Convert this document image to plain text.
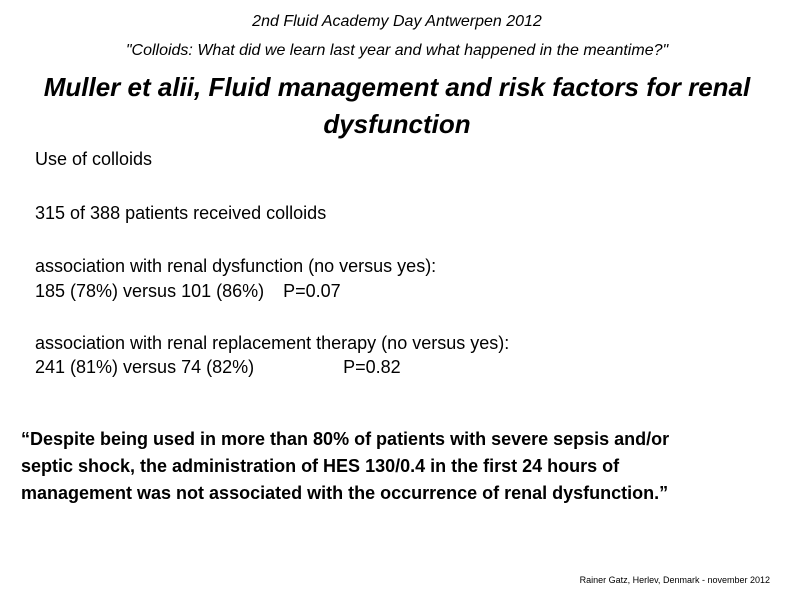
2nd Fluid Academy Day Antwerpen 2012
"Colloids: What did we learn last year and what happened in the meantime?"
Muller et alii, Fluid management and risk factors for renal
dysfunction
Use of colloids
315 of 388 patients received colloids
association with renal dysfunction (no versus yes):
185 (78%) versus 101 (86%) P=0.07
association with renal replacement therapy (no versus yes):
241 (81%) versus 74 (82%)	P=0.82
“Despite being used in more than 80% of patients with severe sepsis and/or
septic shock, the administration of HES 130/0.4 in the first 24 hours of
management was not associated with the occurrence of renal dysfunction.”
Rainer Gatz, Herlev, Denmark - november 2012
